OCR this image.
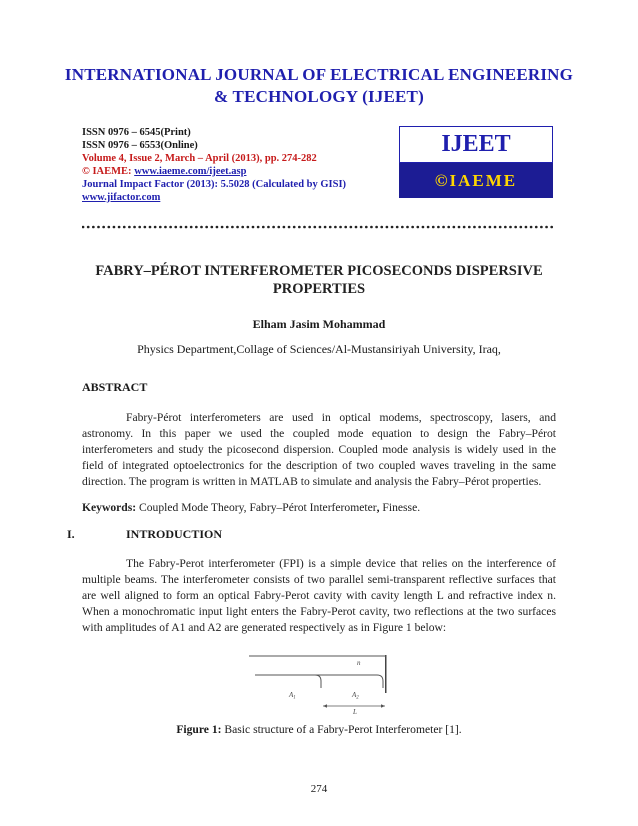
INTERNATIONAL JOURNAL OF ELECTRICAL ENGINEERING
& TECHNOLOGY (IJEET)
ISSN 0976 – 6545(Print)
ISSN 0976 – 6553(Online)
Volume 4, Issue 2, March – April (2013), pp. 274-282
© IAEME: www.iaeme.com/ijeet.asp
Journal Impact Factor (2013): 5.5028 (Calculated by GISI)
www.jifactor.com
IJEET
©IAEME
FABRY–PÉROT INTERFEROMETER PICOSECONDS DISPERSIVE
PROPERTIES
Elham Jasim Mohammad
Physics Department,Collage of Sciences/Al-Mustansiriyah University, Iraq,
ABSTRACT
Fabry-Pérot interferometers are used in optical modems, spectroscopy, lasers, and astronomy. In this paper we used the coupled mode equation to design the Fabry–Pérot interferometers and study the picosecond dispersion. Coupled mode analysis is widely used in the field of integrated optoelectronics for the description of two coupled waves traveling in the same direction. The program is written in MATLAB to simulate and analysis the Fabry–Pérot properties.
Keywords: Coupled Mode Theory, Fabry–Pérot Interferometer, Finesse.
I.	INTRODUCTION
The Fabry-Perot interferometer (FPI) is a simple device that relies on the interference of multiple beams. The interferometer consists of two parallel semi-transparent reflective surfaces that are well aligned to form an optical Fabry-Perot cavity with cavity length L and refractive index n. When a monochromatic input light enters the Fabry-Perot cavity, two reflections at the two surfaces with amplitudes of A1 and A2 are generated respectively as in Figure 1 below:
n
$A_1$	$A_2$
L
Figure 1: Basic structure of a Fabry-Perot Interferometer [1].
274
